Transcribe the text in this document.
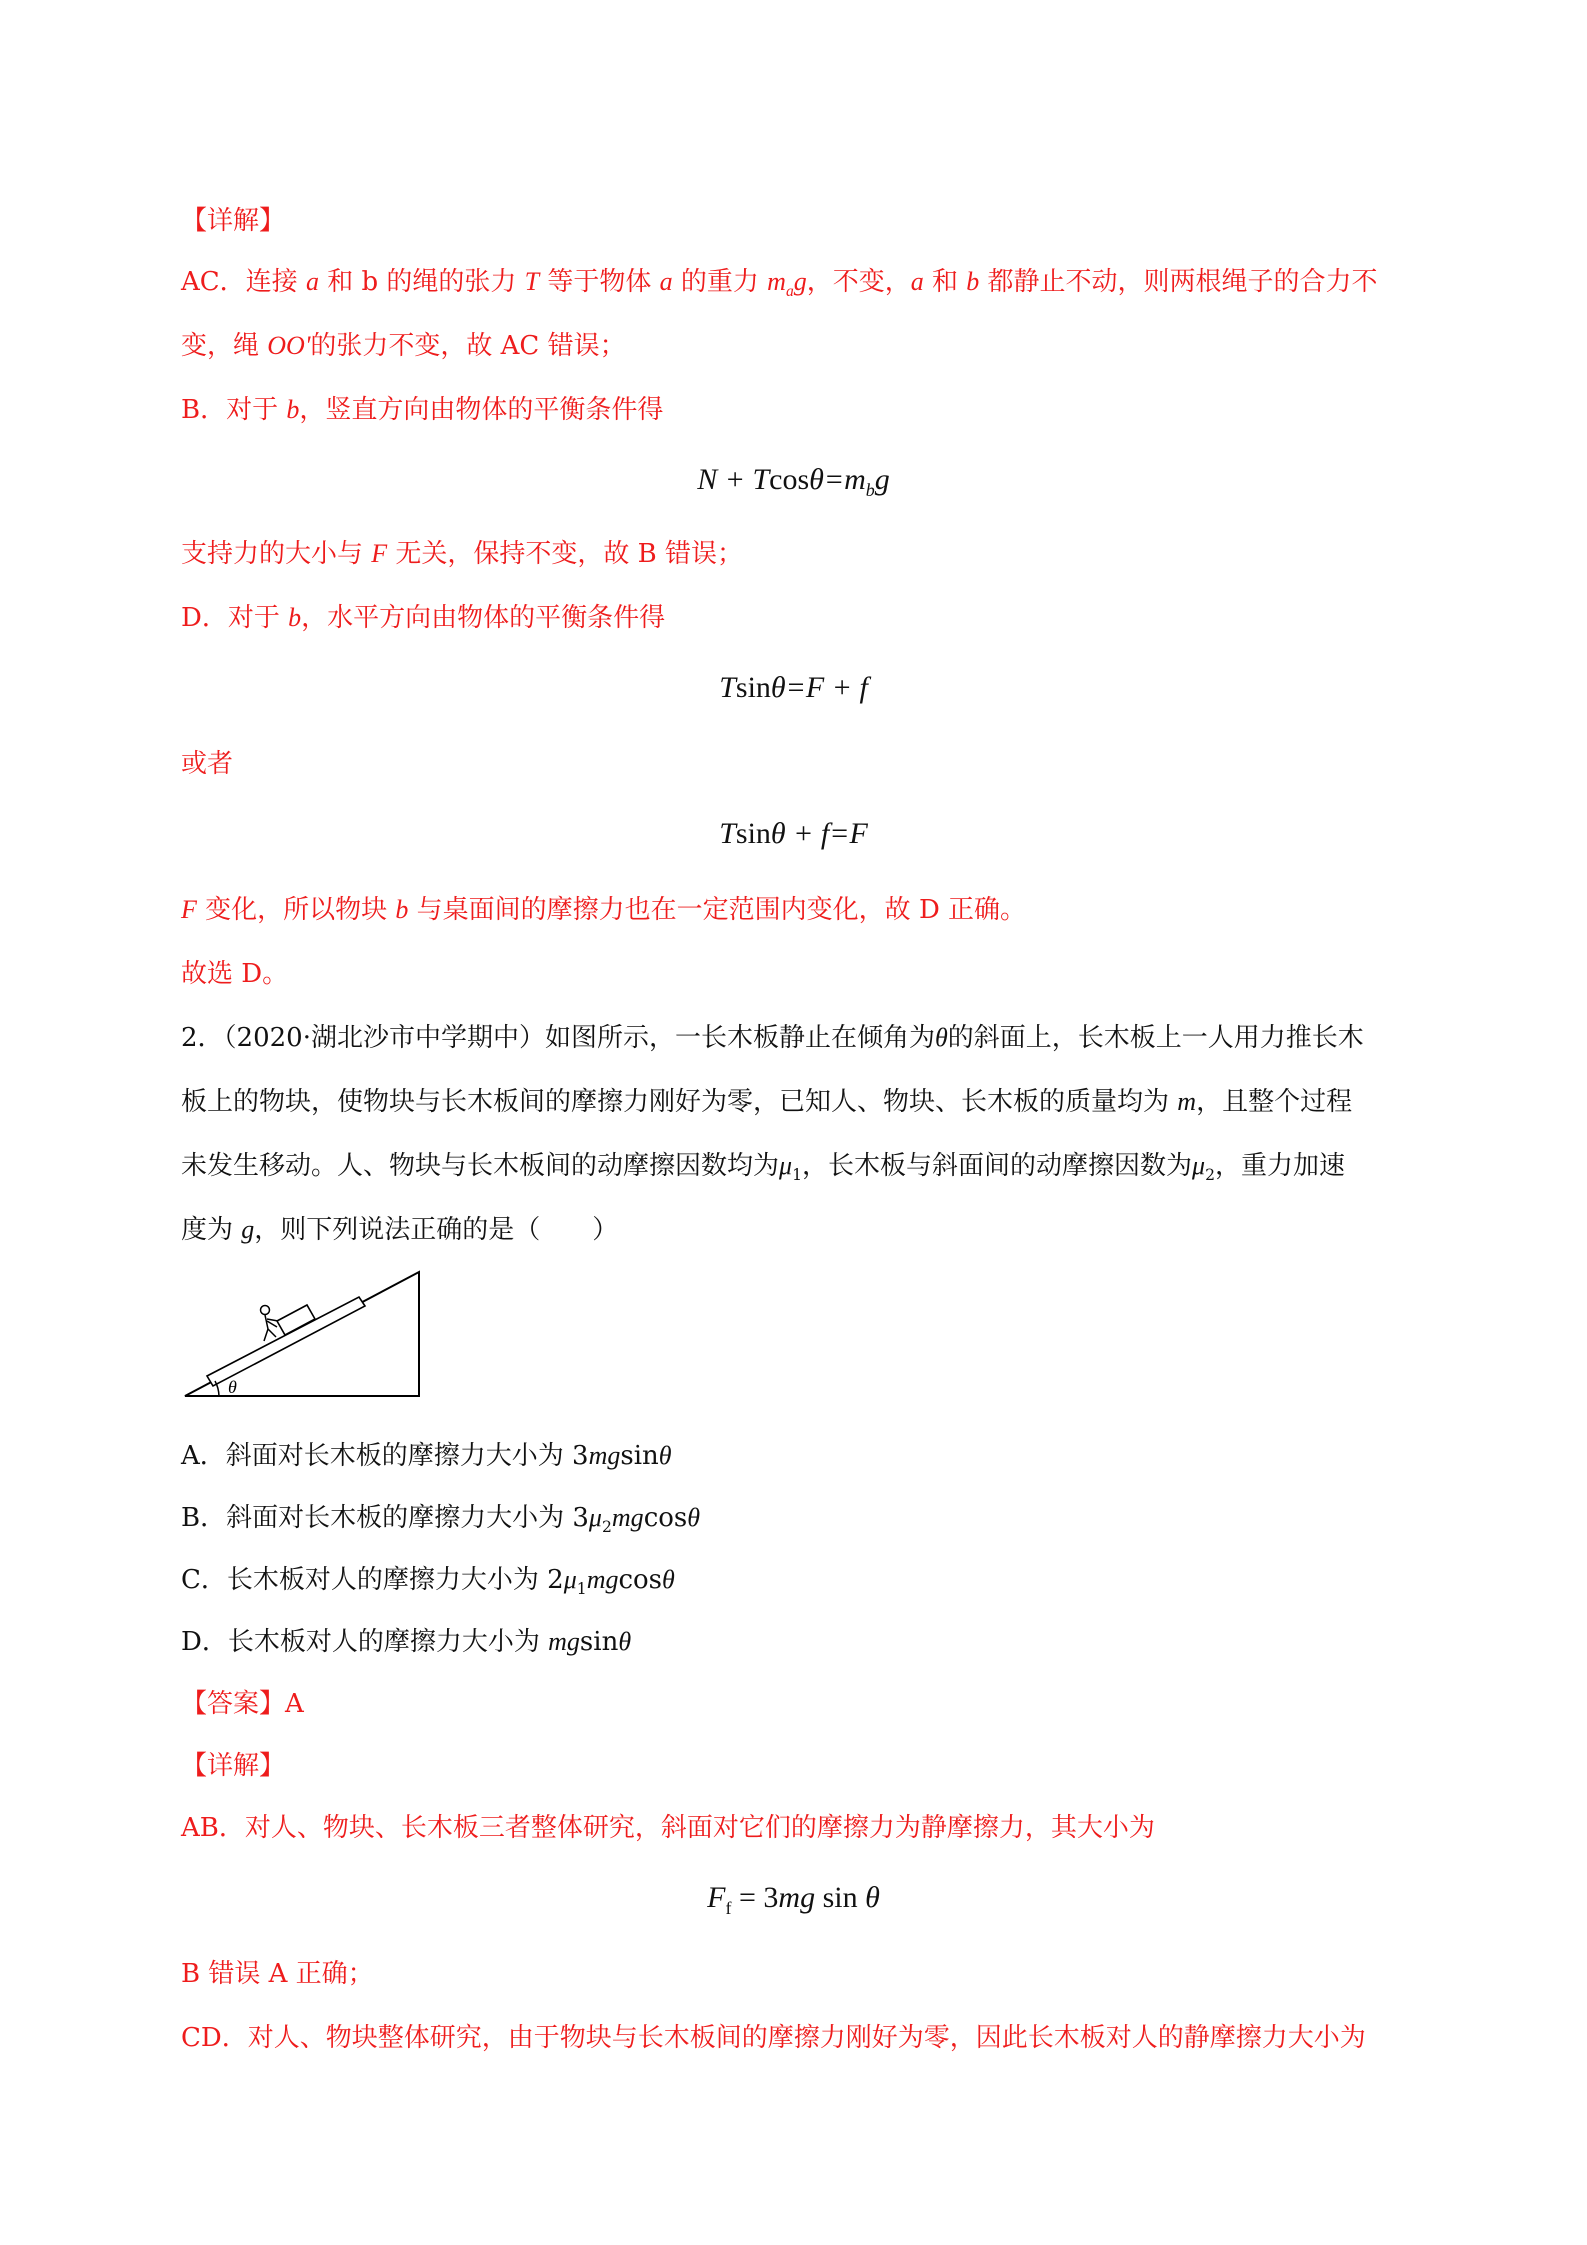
【详解】
AC．连接 a 和 b 的绳的张力 T 等于物体 a 的重力 $m_ag$，不变，a 和 b 都静止不动，则两根绳子的合力不
变，绳 OO'的张力不变，故 AC 错误；
B．对于 b，竖直方向由物体的平衡条件得
$N + Tcos\theta=m_bg$
支持力的大小与 F 无关，保持不变，故 B 错误；
D．对于 b，水平方向由物体的平衡条件得
Tsinθ=F + f
或者
Tsinθ + f=F
F 变化，所以物块 b 与桌面间的摩擦力也在一定范围内变化，故 D 正确。
故选 D。
2．（2020·湖北沙市中学期中）如图所示，一长木板静止在倾角为θ的斜面上，长木板上一人用力推长木
板上的物块，使物块与长木板间的摩擦力刚好为零，已知人、物块、长木板的质量均为 m，且整个过程
未发生移动。人、物块与长木板间的动摩擦因数均为$\mu_1$，长木板与斜面间的动摩擦因数为$\mu_2$，重力加速
度为 g，则下列说法正确的是（　　）
θ
A．斜面对长木板的摩擦力大小为 3mgsinθ
B．斜面对长木板的摩擦力大小为 $3\mu_2mgcos\theta$
C．长木板对人的摩擦力大小为 $2\mu_1mgcos\theta$
D．长木板对人的摩擦力大小为 mgsinθ
【答案】A
【详解】
AB．对人、物块、长木板三者整体研究，斜面对它们的摩擦力为静摩擦力，其大小为
$F_f = 3mg$ sin θ
B 错误 A 正确；
CD．对人、物块整体研究，由于物块与长木板间的摩擦力刚好为零，因此长木板对人的静摩擦力大小为
